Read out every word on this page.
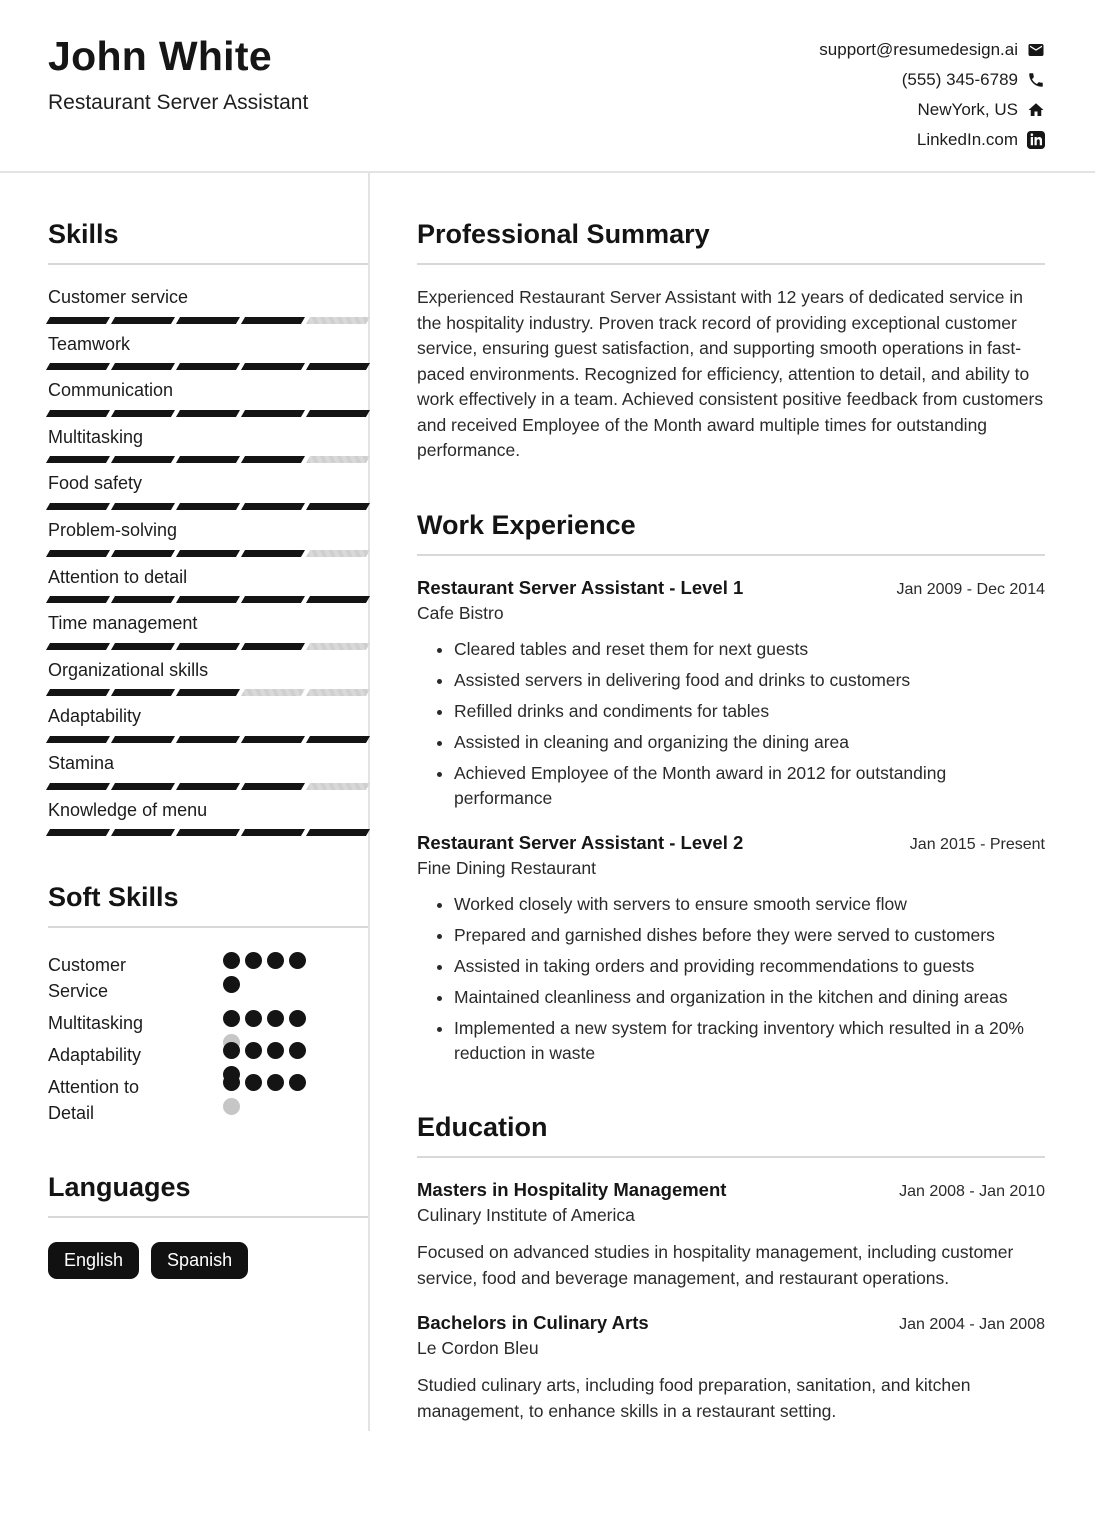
John White
Restaurant Server Assistant
support@resumedesign.ai
(555) 345-6789
NewYork, US
LinkedIn.com
Skills
Customer service
Teamwork
Communication
Multitasking
Food safety
Problem-solving
Attention to detail
Time management
Organizational skills
Adaptability
Stamina
Knowledge of menu
Soft Skills
Customer Service
Multitasking
Adaptability
Attention to Detail
Languages
English	Spanish
Professional Summary

Experienced Restaurant Server Assistant with 12 years of dedicated service in the hospitality industry. Proven track record of providing exceptional customer service, ensuring guest satisfaction, and supporting smooth operations in fast-paced environments. Recognized for efficiency, attention to detail, and ability to work effectively in a team. Achieved consistent positive feedback from customers and received Employee of the Month award multiple times for outstanding performance.

Work Experience
Restaurant Server Assistant - Level 1	Jan 2009 - Dec 2014
Cafe Bistro
• Cleared tables and reset them for next guests
• Assisted servers in delivering food and drinks to customers
• Refilled drinks and condiments for tables
• Assisted in cleaning and organizing the dining area
• Achieved Employee of the Month award in 2012 for outstanding performance
Restaurant Server Assistant - Level 2	Jan 2015 - Present
Fine Dining Restaurant
• Worked closely with servers to ensure smooth service flow
• Prepared and garnished dishes before they were served to customers
• Assisted in taking orders and providing recommendations to guests
• Maintained cleanliness and organization in the kitchen and dining areas
• Implemented a new system for tracking inventory which resulted in a 20% reduction in waste
Education
Masters in Hospitality Management	Jan 2008 - Jan 2010
Culinary Institute of America

Focused on advanced studies in hospitality management, including customer service, food and beverage management, and restaurant operations.

Bachelors in Culinary Arts	Jan 2004 - Jan 2008
Le Cordon Bleu

Studied culinary arts, including food preparation, sanitation, and kitchen management, to enhance skills in a restaurant setting.
